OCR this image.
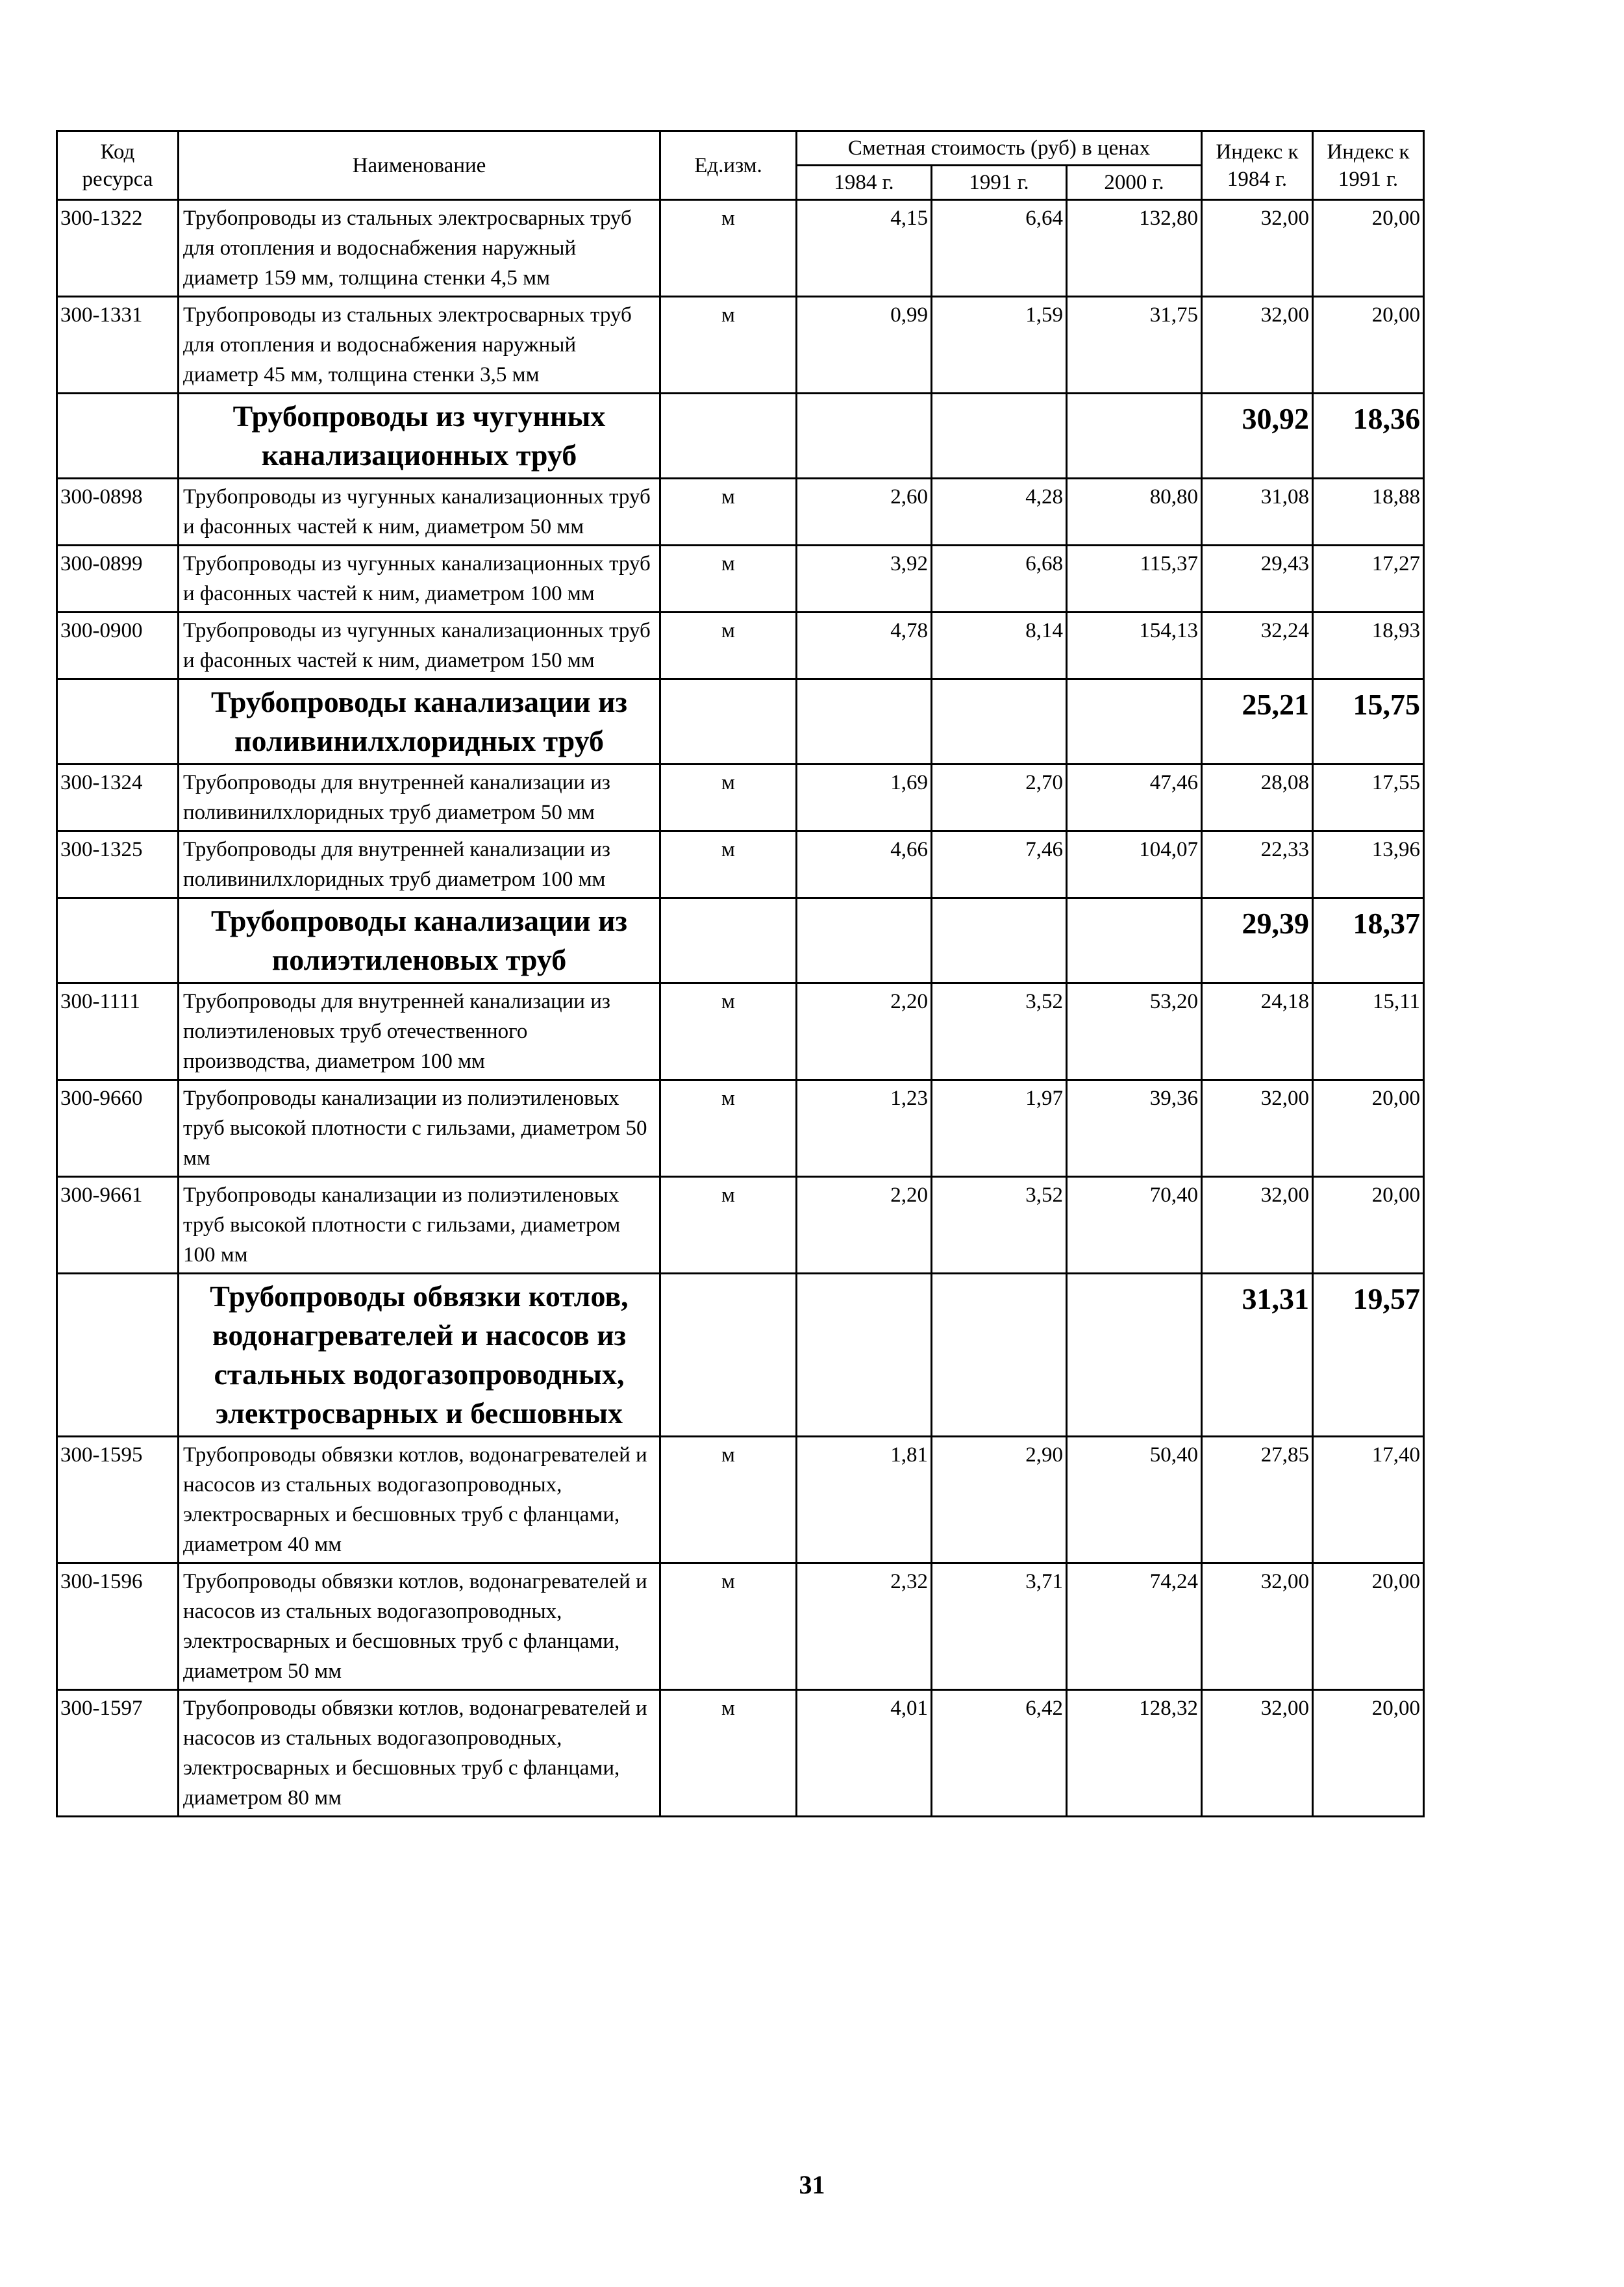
Код ресурса	Наименование	Ед.изм.	Сметная стоимость (руб) в ценах			Индекс к 1984 г.	Индекс к 1991 г.
			1984 г.	1991 г.	2000 г.		
300-1322	Трубопроводы из стальных электросварных труб для отопления и водоснабжения наружный диаметр 159 мм, толщина стенки 4,5 мм	м	4,15	6,64	132,80	32,00	20,00
300-1331	Трубопроводы из стальных электросварных труб для отопления и водоснабжения наружный диаметр 45 мм, толщина стенки 3,5 мм	м	0,99	1,59	31,75	32,00	20,00
	Трубопроводы из чугунных канализационных труб					30,92	18,36
300-0898	Трубопроводы из чугунных канализационных труб и фасонных частей к ним, диаметром 50 мм	м	2,60	4,28	80,80	31,08	18,88
300-0899	Трубопроводы из чугунных канализационных труб и фасонных частей к ним, диаметром 100 мм	м	3,92	6,68	115,37	29,43	17,27
300-0900	Трубопроводы из чугунных канализационных труб и фасонных частей к ним, диаметром 150 мм	м	4,78	8,14	154,13	32,24	18,93
	Трубопроводы канализации из поливинилхлоридных труб					25,21	15,75
300-1324	Трубопроводы для внутренней канализации из поливинилхлоридных труб диаметром 50 мм	м	1,69	2,70	47,46	28,08	17,55
300-1325	Трубопроводы для внутренней канализации из поливинилхлоридных труб диаметром 100 мм	м	4,66	7,46	104,07	22,33	13,96
	Трубопроводы канализации из полиэтиленовых труб					29,39	18,37
300-1111	Трубопроводы для внутренней канализации из полиэтиленовых труб отечественного производства, диаметром 100 мм	м	2,20	3,52	53,20	24,18	15,11
300-9660	Трубопроводы канализации из полиэтиленовых труб высокой плотности с гильзами, диаметром 50 мм	м	1,23	1,97	39,36	32,00	20,00
300-9661	Трубопроводы канализации из полиэтиленовых труб высокой плотности с гильзами, диаметром 100 мм	м	2,20	3,52	70,40	32,00	20,00
	Трубопроводы обвязки котлов, водонагревателей и насосов из стальных водогазопроводных, электросварных и бесшовных					31,31	19,57
300-1595	Трубопроводы обвязки котлов, водонагревателей и насосов из стальных водогазопроводных, электросварных и бесшовных труб с фланцами, диаметром 40 мм	м	1,81	2,90	50,40	27,85	17,40
300-1596	Трубопроводы обвязки котлов, водонагревателей и насосов из стальных водогазопроводных, электросварных и бесшовных труб с фланцами, диаметром 50 мм	м	2,32	3,71	74,24	32,00	20,00
300-1597	Трубопроводы обвязки котлов, водонагревателей и насосов из стальных водогазопроводных, электросварных и бесшовных труб с фланцами, диаметром 80 мм	м	4,01	6,42	128,32	32,00	20,00
31
